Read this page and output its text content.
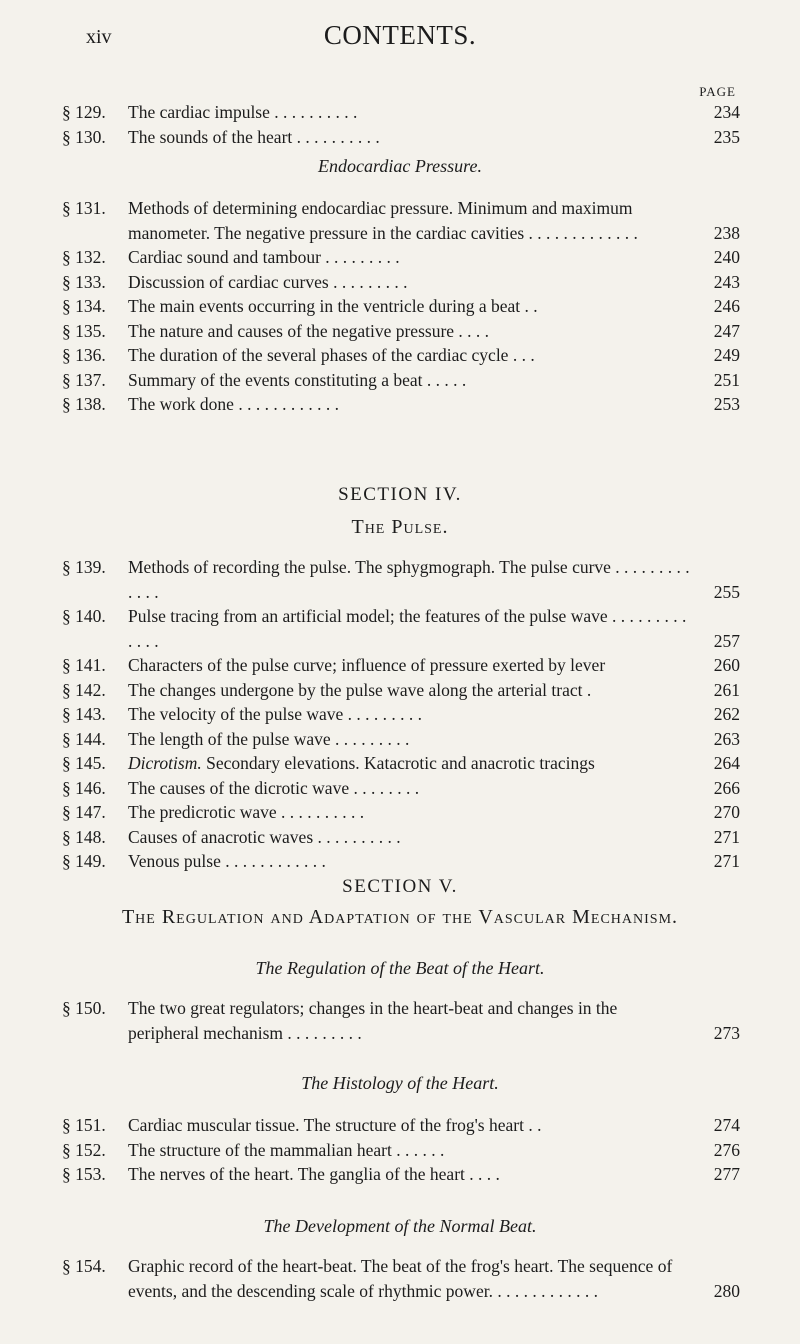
xiv	CONTENTS.
PAGE
§ 129.	The cardiac impulse . . . . . . . . . .	234
§ 130.	The sounds of the heart . . . . . . . . . .	235
Endocardiac Pressure.
§ 131.	Methods of determining endocardiac pressure. Minimum and maximum manometer. The negative pressure in the cardiac cavities . . . . . . . . . . . . .	238
§ 132.	Cardiac sound and tambour . . . . . . . . .	240
§ 133.	Discussion of cardiac curves . . . . . . . . .	243
§ 134.	The main events occurring in the ventricle during a beat . .	246
§ 135.	The nature and causes of the negative pressure . . . .	247
§ 136.	The duration of the several phases of the cardiac cycle . . .	249
§ 137.	Summary of the events constituting a beat . . . . .	251
§ 138.	The work done . . . . . . . . . . . .	253
SECTION IV.
The Pulse.
§ 139.	Methods of recording the pulse. The sphygmograph. The pulse curve . . . . . . . . . . . . .	255
§ 140.	Pulse tracing from an artificial model; the features of the pulse wave . . . . . . . . . . . . .	257
§ 141.	Characters of the pulse curve; influence of pressure exerted by lever	260
§ 142.	The changes undergone by the pulse wave along the arterial tract .	261
§ 143.	The velocity of the pulse wave . . . . . . . . .	262
§ 144.	The length of the pulse wave . . . . . . . . .	263
§ 145.	Dicrotism. Secondary elevations. Katacrotic and anacrotic tracings	264
§ 146.	The causes of the dicrotic wave . . . . . . . .	266
§ 147.	The predicrotic wave . . . . . . . . . .	270
§ 148.	Causes of anacrotic waves . . . . . . . . . .	271
§ 149.	Venous pulse . . . . . . . . . . . .	271
SECTION V.
The Regulation and Adaptation of the Vascular Mechanism.
The Regulation of the Beat of the Heart.
§ 150.	The two great regulators; changes in the heart-beat and changes in the peripheral mechanism . . . . . . . . .	273
The Histology of the Heart.
§ 151.	Cardiac muscular tissue. The structure of the frog's heart . .	274
§ 152.	The structure of the mammalian heart . . . . . .	276
§ 153.	The nerves of the heart. The ganglia of the heart . . . .	277
The Development of the Normal Beat.
§ 154.	Graphic record of the heart-beat. The beat of the frog's heart. The sequence of events, and the descending scale of rhythmic power. . . . . . . . . . . . .	280
